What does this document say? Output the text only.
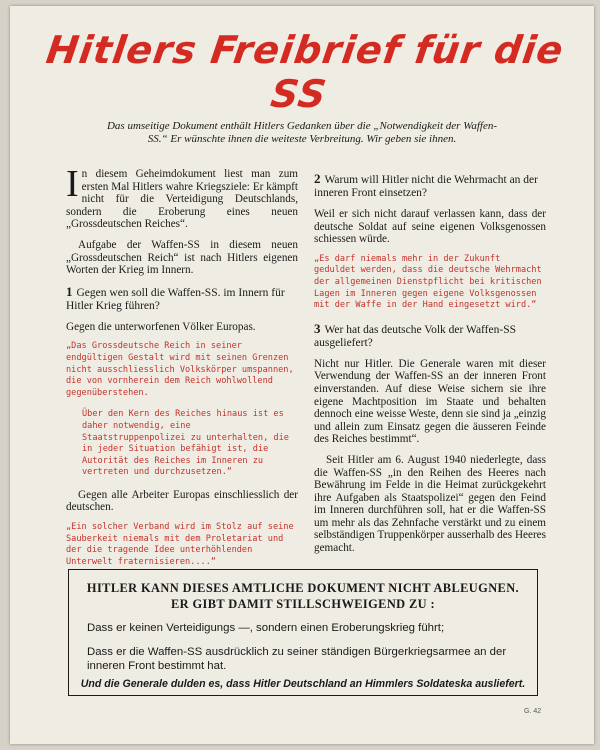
Hitlers Freibrief für die SS
Das umseitige Dokument enthält Hitlers Gedanken über die „Notwendigkeit der Waffen-SS.“ Er wünschte ihnen die weiteste Verbreitung. Wir geben sie ihnen.

In diesem Geheimdokument liest man zum ersten Mal Hitlers wahre Kriegsziele: Er kämpft nicht für die Verteidigung Deutschlands, sondern die Eroberung eines neuen „Grossdeutschen Reiches“.

Aufgabe der Waffen-SS in diesem neuen „Grossdeutschen Reich“ ist nach Hitlers eigenen Worten der Krieg im Innern.

1 Gegen wen soll die Waffen-SS. im Innern für Hitler Krieg führen?

Gegen die unterworfenen Völker Europas.

„Das Grossdeutsche Reich in seiner endgültigen Gestalt wird mit seinen Grenzen nicht ausschliesslich Volkskörper umspannen, die von vornherein dem Reich wohlwollend gegenüberstehen.

Über den Kern des Reiches hinaus ist es daher notwendig, eine Staatstruppenpolizei zu unterhalten, die in jeder Situation befähigt ist, die Autorität des Reiches im Inneren zu vertreten und durchzusetzen.“

Gegen alle Arbeiter Europas einschliesslich der deutschen.

„Ein solcher Verband wird im Stolz auf seine Sauberkeit niemals mit dem Proletariat und der die tragende Idee unterhöhlenden Unterwelt fraternisieren....“

2 Warum will Hitler nicht die Wehrmacht an der inneren Front einsetzen?

Weil er sich nicht darauf verlassen kann, dass der deutsche Soldat auf seine eigenen Volksgenossen schiessen würde.

„Es darf niemals mehr in der Zukunft geduldet werden, dass die deutsche Wehrmacht der allgemeinen Dienstpflicht bei kritischen Lagen im Inneren gegen eigene Volksgenossen mit der Waffe in der Hand eingesetzt wird.“

3 Wer hat das deutsche Volk der Waffen-SS ausgeliefert?

Nicht nur Hitler. Die Generale waren mit dieser Verwendung der Waffen-SS an der inneren Front einverstanden. Auf diese Weise sichern sie ihre eigene Machtposition im Staate und behalten dennoch eine weisse Weste, denn sie sind ja „einzig und allein zum Einsatz gegen die äusseren Feinde des Reiches bestimmt“.

Seit Hitler am 6. August 1940 niederlegte, dass die Waffen-SS „in den Reihen des Heeres nach Bewährung im Felde in die Heimat zurückgekehrt ihre Aufgaben als Staatspolizei“ gegen den Feind im Inneren durchführen soll, hat er die Waffen-SS um mehr als das Zehnfache verstärkt und zu einem selbständigen Truppenkörper ausserhalb des Heeres gemacht.

HITLER KANN DIESES AMTLICHE DOKUMENT NICHT ABLEUGNEN.
ER GIBT DAMIT STILLSCHWEIGEND ZU :
Dass er keinen Verteidigungs —, sondern einen Eroberungskrieg führt;
Dass er die Waffen-SS ausdrücklich zu seiner ständigen Bürgerkriegsarmee an der inneren Front bestimmt hat.
Und die Generale dulden es, dass Hitler Deutschland an Himmlers Soldateska ausliefert.
G. 42
